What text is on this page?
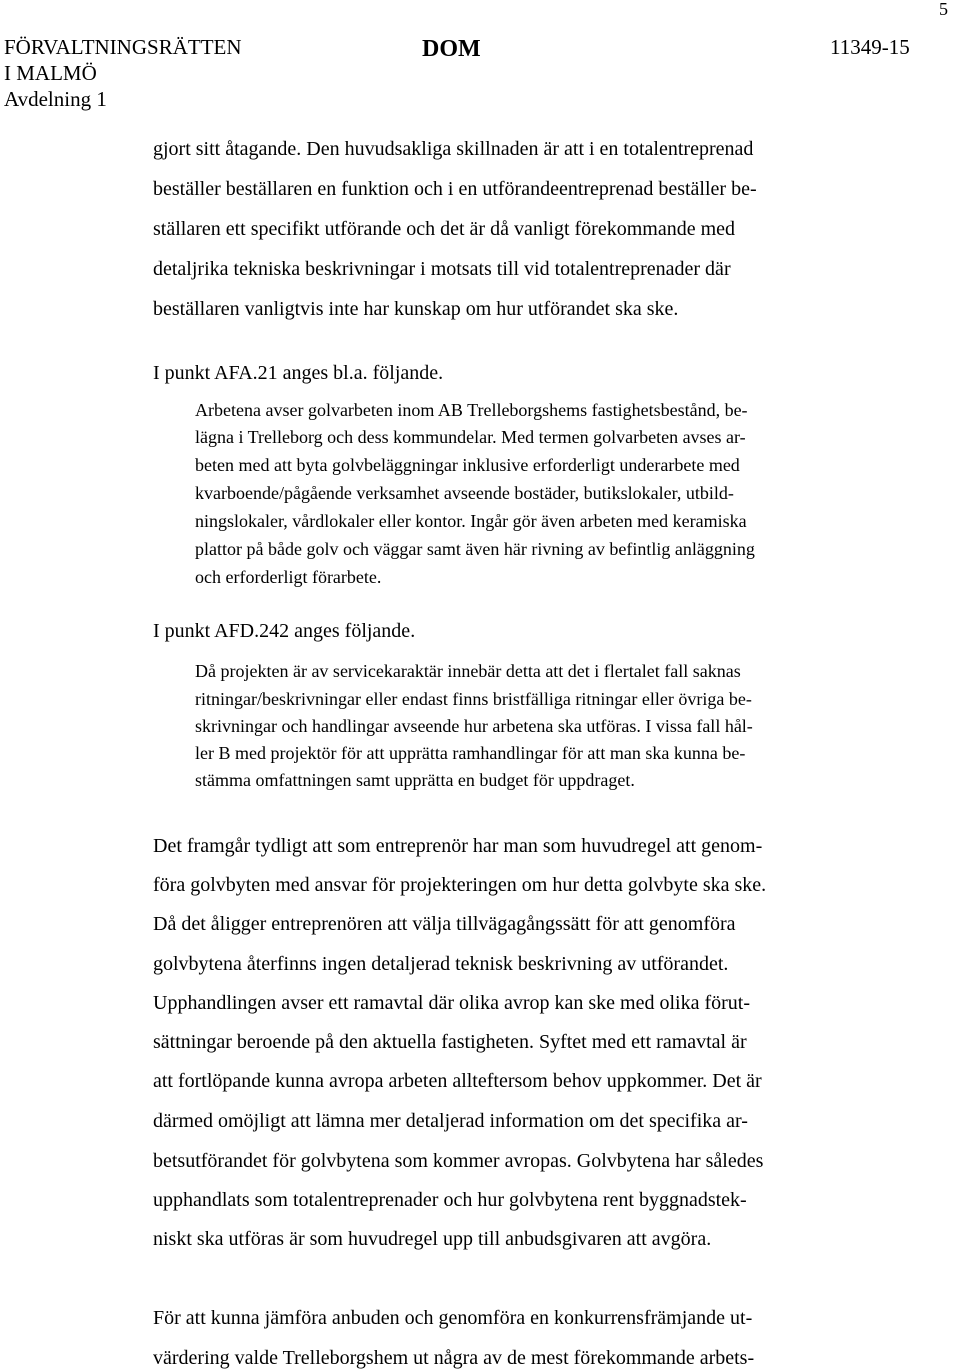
FÖRVALTNINGSRÄTTEN
I MALMÖ
Avdelning 1
DOM	11349-15
5
gjort sitt åtagande. Den huvudsakliga skillnaden är att i en totalentreprenad
beställer beställaren en funktion och i en utförandeentreprenad beställer be-
ställaren ett specifikt utförande och det är då vanligt förekommande med
detaljrika tekniska beskrivningar i motsats till vid totalentreprenader där
beställaren vanligtvis inte har kunskap om hur utförandet ska ske.
I punkt AFA.21 anges bl.a. följande.
Arbetena avser golvarbeten inom AB Trelleborgshems fastighetsbestånd, be-
lägna i Trelleborg och dess kommundelar. Med termen golvarbeten avses ar-
beten med att byta golvbeläggningar inklusive erforderligt underarbete med
kvarboende/pågående verksamhet avseende bostäder, butikslokaler, utbild-
ningslokaler, vårdlokaler eller kontor. Ingår gör även arbeten med keramiska
plattor på både golv och väggar samt även här rivning av befintlig anläggning
och erforderligt förarbete.
I punkt AFD.242 anges följande.
Då projekten är av servicekaraktär innebär detta att det i flertalet fall saknas
ritningar/beskrivningar eller endast finns bristfälliga ritningar eller övriga be-
skrivningar och handlingar avseende hur arbetena ska utföras. I vissa fall hål-
ler B med projektör för att upprätta ramhandlingar för att man ska kunna be-
stämma omfattningen samt upprätta en budget för uppdraget.
Det framgår tydligt att som entreprenör har man som huvudregel att genom-
föra golvbyten med ansvar för projekteringen om hur detta golvbyte ska ske.
Då det åligger entreprenören att välja tillvägagångssätt för att genomföra
golvbytena återfinns ingen detaljerad teknisk beskrivning av utförandet.
Upphandlingen avser ett ramavtal där olika avrop kan ske med olika förut-
sättningar beroende på den aktuella fastigheten. Syftet med ett ramavtal är
att fortlöpande kunna avropa arbeten allteftersom behov uppkommer. Det är
därmed omöjligt att lämna mer detaljerad information om det specifika ar-
betsutförandet för golvbytena som kommer avropas. Golvbytena har således
upphandlats som totalentreprenader och hur golvbytena rent byggnadstek-
niskt ska utföras är som huvudregel upp till anbudsgivaren att avgöra.
För att kunna jämföra anbuden och genomföra en konkurrensfrämjande ut-
värdering valde Trelleborgshem ut några av de mest förekommande arbets-
